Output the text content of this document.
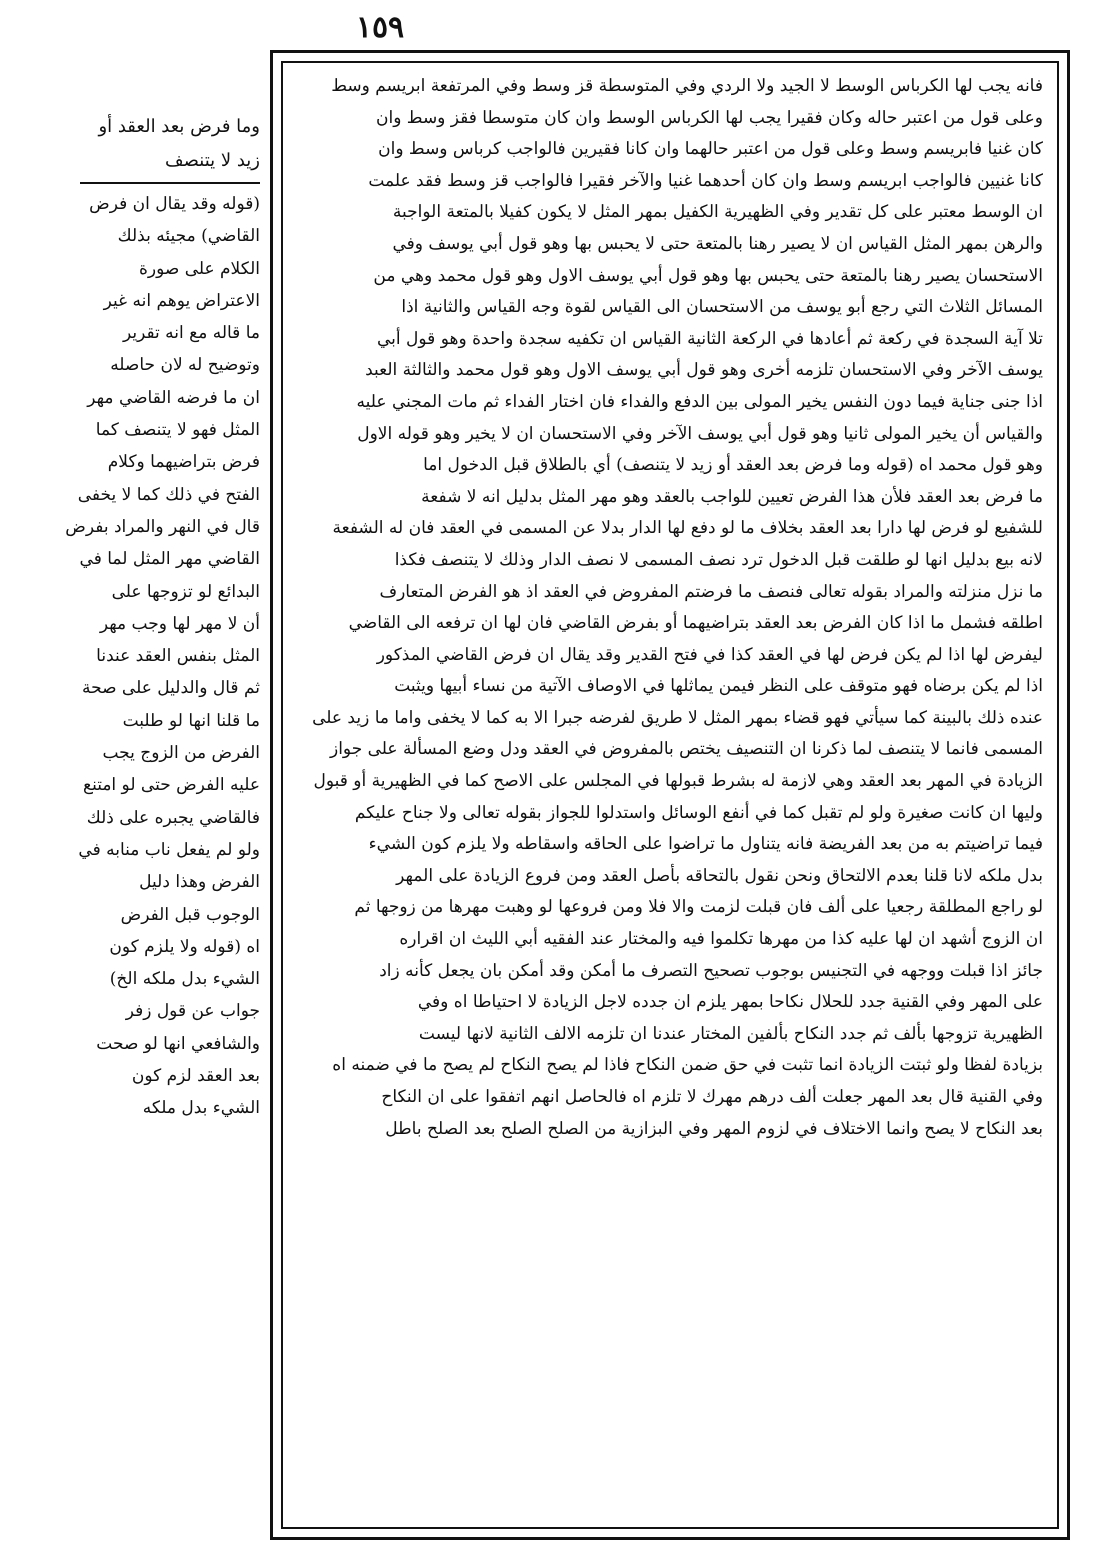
١٥٩
وما فرض بعد العقد أو
زيد لا يتنصف
(قوله وقد يقال ان فرض
القاضي) مجيئه بذلك
الكلام على صورة
الاعتراض يوهم انه غير
ما قاله مع انه تقرير
وتوضيح له لان حاصله
ان ما فرضه القاضي مهر
المثل فهو لا يتنصف كما
فرض بتراضيهما وكلام
الفتح في ذلك كما لا يخفى
قال في النهر والمراد بفرض
القاضي مهر المثل لما في
البدائع لو تزوجها على
أن لا مهر لها وجب مهر
المثل بنفس العقد عندنا
ثم قال والدليل على صحة
ما قلنا انها لو طلبت
الفرض من الزوج يجب
عليه الفرض حتى لو امتنع
فالقاضي يجبره على ذلك
ولو لم يفعل ناب منابه في
الفرض وهذا دليل
الوجوب قبل الفرض
اه (قوله ولا يلزم كون
الشيء بدل ملكه الخ)
جواب عن قول زفر
والشافعي انها لو صحت
بعد العقد لزم كون
الشيء بدل ملكه
فانه يجب لها الكرباس الوسط لا الجيد ولا الردي وفي المتوسطة قز وسط وفي المرتفعة ابريسم وسط
وعلى قول من اعتبر حاله وكان فقيرا يجب لها الكرباس الوسط وان كان متوسطا فقز وسط وان
كان غنيا فابريسم وسط وعلى قول من اعتبر حالهما وان كانا فقيرين فالواجب كرباس وسط وان
كانا غنيين فالواجب ابريسم وسط وان كان أحدهما غنيا والآخر فقيرا فالواجب قز وسط فقد علمت
ان الوسط معتبر على كل تقدير وفي الظهيرية الكفيل بمهر المثل لا يكون كفيلا بالمتعة الواجبة
والرهن بمهر المثل القياس ان لا يصير رهنا بالمتعة حتى لا يحبس بها وهو قول أبي يوسف وفي
الاستحسان يصير رهنا بالمتعة حتى يحبس بها وهو قول أبي يوسف الاول وهو قول محمد وهي من
المسائل الثلاث التي رجع أبو يوسف من الاستحسان الى القياس لقوة وجه القياس والثانية اذا
تلا آية السجدة في ركعة ثم أعادها في الركعة الثانية القياس ان تكفيه سجدة واحدة وهو قول أبي
يوسف الآخر وفي الاستحسان تلزمه أخرى وهو قول أبي يوسف الاول وهو قول محمد والثالثة العبد
اذا جنى جناية فيما دون النفس يخير المولى بين الدفع والفداء فان اختار الفداء ثم مات المجني عليه
والقياس أن يخير المولى ثانيا وهو قول أبي يوسف الآخر وفي الاستحسان ان لا يخير وهو قوله الاول
وهو قول محمد اه (قوله وما فرض بعد العقد أو زيد لا يتنصف) أي بالطلاق قبل الدخول اما
ما فرض بعد العقد فلأن هذا الفرض تعيين للواجب بالعقد وهو مهر المثل بدليل انه لا شفعة
للشفيع لو فرض لها دارا بعد العقد بخلاف ما لو دفع لها الدار بدلا عن المسمى في العقد فان له الشفعة
لانه بيع بدليل انها لو طلقت قبل الدخول ترد نصف المسمى لا نصف الدار وذلك لا يتنصف فكذا
ما نزل منزلته والمراد بقوله تعالى فنصف ما فرضتم المفروض في العقد اذ هو الفرض المتعارف
اطلقه فشمل ما اذا كان الفرض بعد العقد بتراضيهما أو بفرض القاضي فان لها ان ترفعه الى القاضي
ليفرض لها اذا لم يكن فرض لها في العقد كذا في فتح القدير وقد يقال ان فرض القاضي المذكور
اذا لم يكن برضاه فهو متوقف على النظر فيمن يماثلها في الاوصاف الآتية من نساء أبيها ويثبت
عنده ذلك بالبينة كما سيأتي فهو قضاء بمهر المثل لا طريق لفرضه جبرا الا به كما لا يخفى واما ما زيد على
المسمى فانما لا يتنصف لما ذكرنا ان التنصيف يختص بالمفروض في العقد ودل وضع المسألة على جواز
الزيادة في المهر بعد العقد وهي لازمة له بشرط قبولها في المجلس على الاصح كما في الظهيرية أو قبول
وليها ان كانت صغيرة ولو لم تقبل كما في أنفع الوسائل واستدلوا للجواز بقوله تعالى ولا جناح عليكم
فيما تراضيتم به من بعد الفريضة فانه يتناول ما تراضوا على الحاقه واسقاطه ولا يلزم كون الشيء
بدل ملكه لانا قلنا بعدم الالتحاق ونحن نقول بالتحاقه بأصل العقد ومن فروع الزيادة على المهر
لو راجع المطلقة رجعيا على ألف فان قبلت لزمت والا فلا ومن فروعها لو وهبت مهرها من زوجها ثم
ان الزوج أشهد ان لها عليه كذا من مهرها تكلموا فيه والمختار عند الفقيه أبي الليث ان اقراره
جائز اذا قبلت ووجهه في التجنيس بوجوب تصحيح التصرف ما أمكن وقد أمكن بان يجعل كأنه زاد
على المهر وفي القنية جدد للحلال نكاحا بمهر يلزم ان جدده لاجل الزيادة لا احتياطا اه وفي
الظهيرية تزوجها بألف ثم جدد النكاح بألفين المختار عندنا ان تلزمه الالف الثانية لانها ليست
بزيادة لفظا ولو ثبتت الزيادة انما تثبت في حق ضمن النكاح فاذا لم يصح النكاح لم يصح ما في ضمنه اه
وفي القنية قال بعد المهر جعلت ألف درهم مهرك لا تلزم اه فالحاصل انهم اتفقوا على ان النكاح
بعد النكاح لا يصح وانما الاختلاف في لزوم المهر وفي البزازية من الصلح الصلح بعد الصلح باطل
